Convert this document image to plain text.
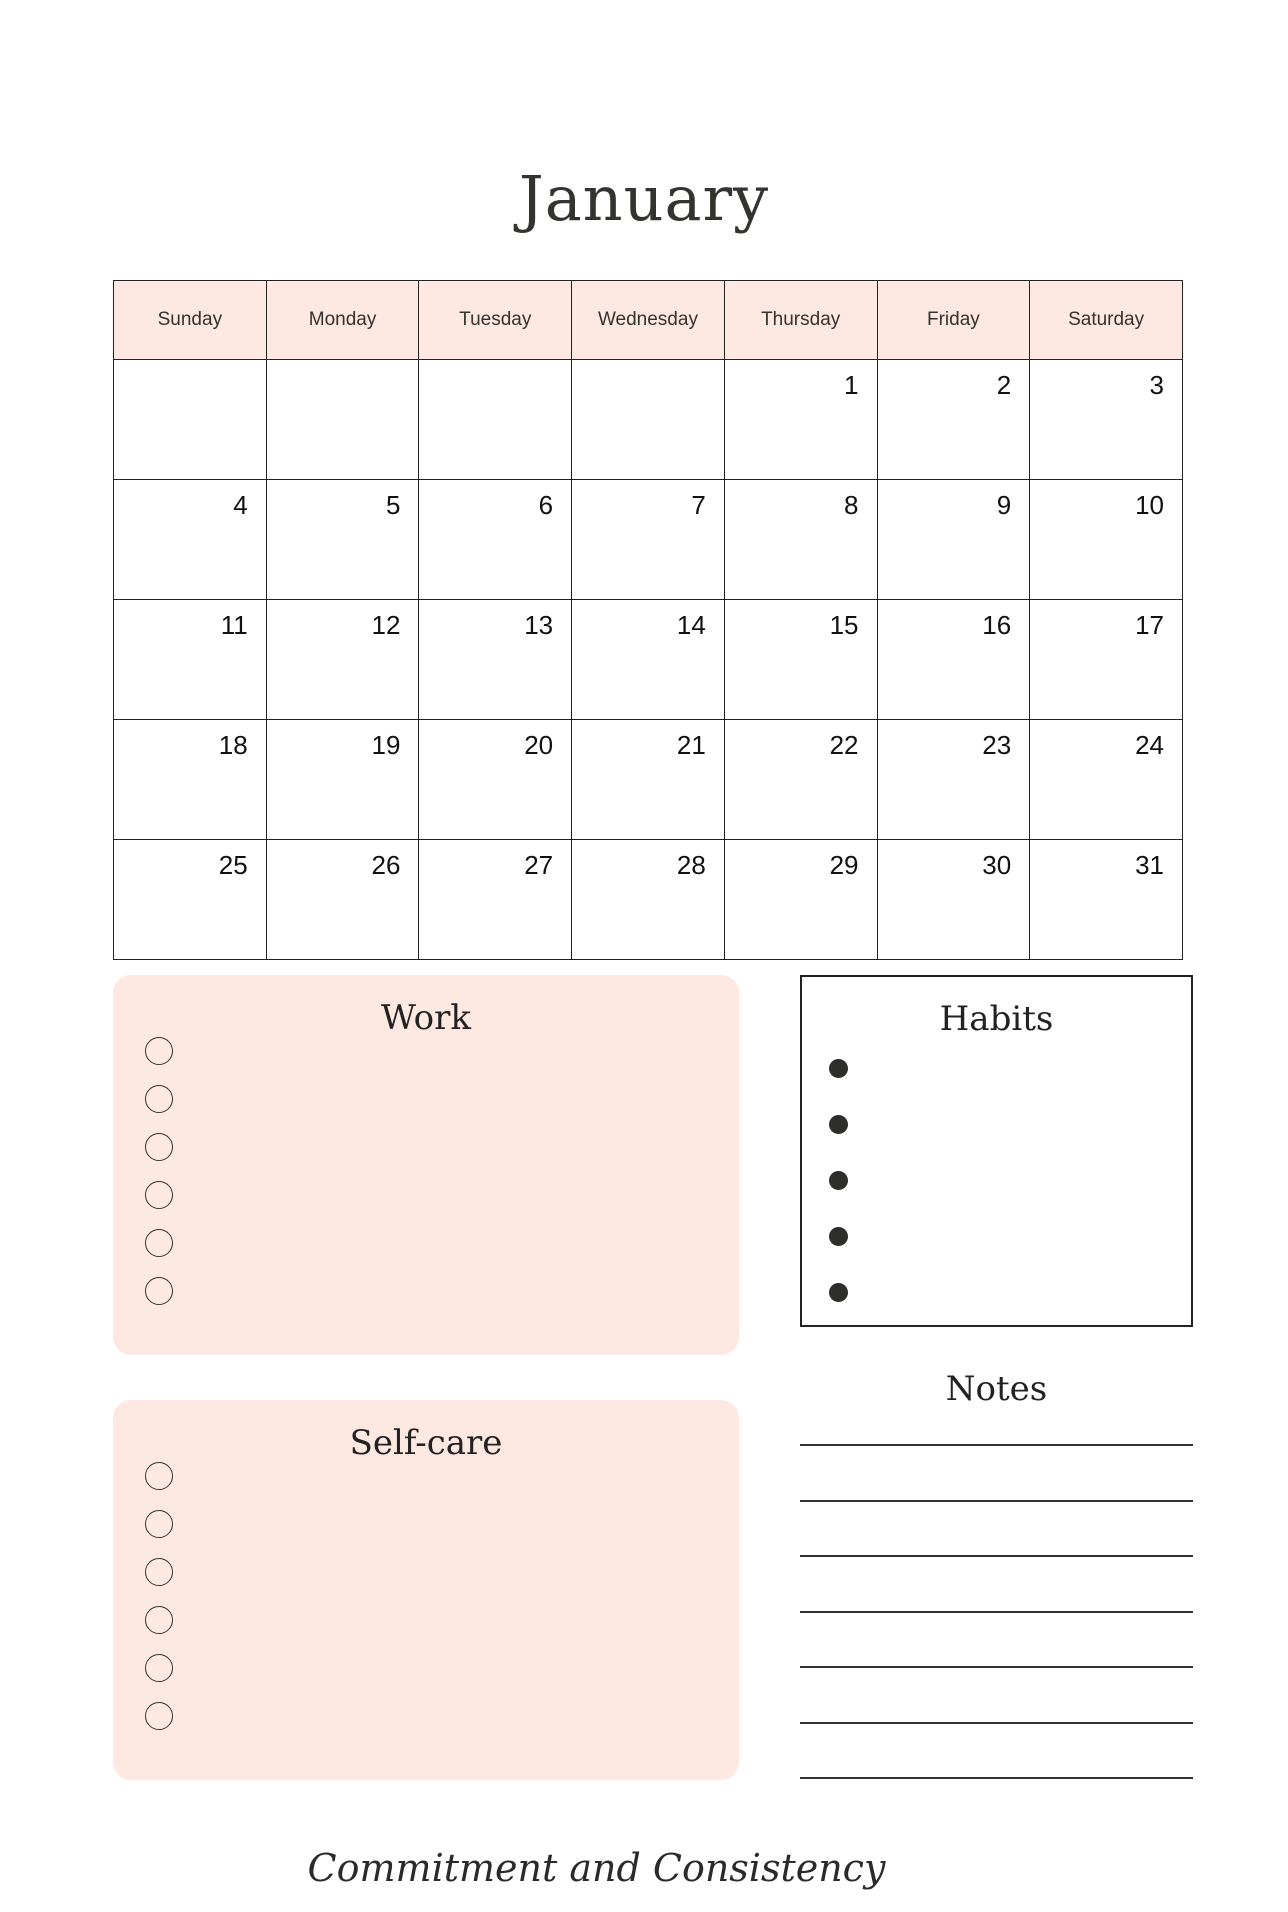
January
Sunday	Monday	Tuesday	Wednesday	Thursday	Friday	Saturday
				1	2	3
4	5	6	7	8	9	10
11	12	13	14	15	16	17
18	19	20	21	22	23	24
25	26	27	28	29	30	31
Work
Self-care
Habits
Notes
Commitment and Consistency
